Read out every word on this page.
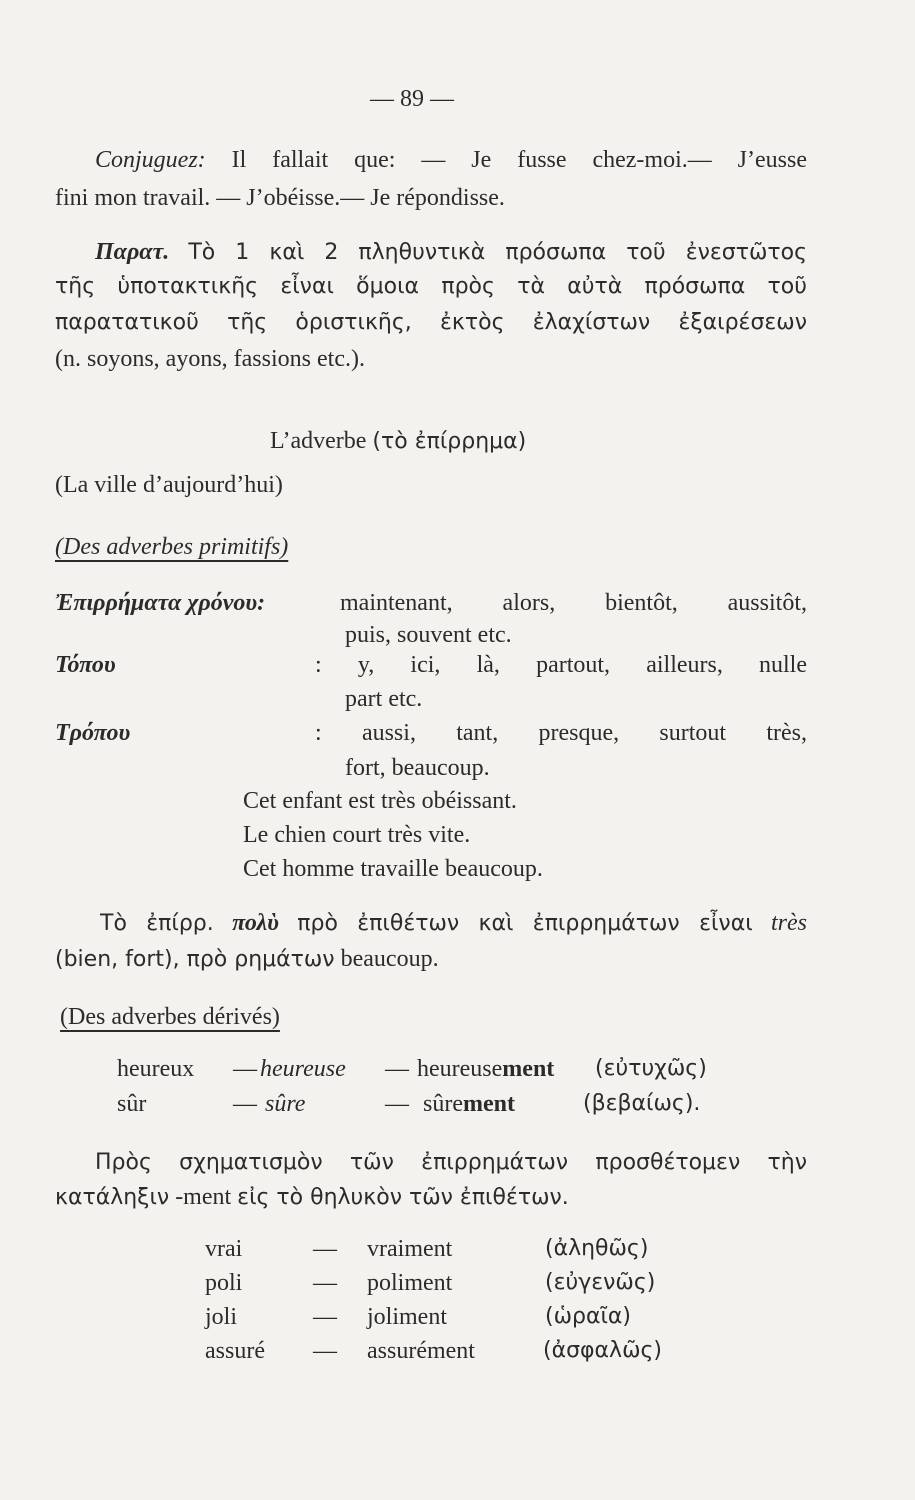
— 89 —
Conjuguez: Il fallait que: — Je fusse chez-moi.— J’eusse
fini mon travail. — J’obéisse.— Je répondisse.
Παρατ. Τὸ 1 καὶ 2 πληθυντικὰ πρόσωπα τοῦ ἐνεστῶτος
τῆς ὑποτακτικῆς εἶναι ὅμοια πρὸς τὰ αὐτὰ πρόσωπα τοῦ
παρατατικοῦ τῆς ὁριστικῆς, ἐκτὸς ἐλαχίστων ἐξαιρέσεων
(n. soyons, ayons, fassions etc.).
L’adverbe (τὸ ἐπίρρημα)
(La ville d’aujourd’hui)
(Des adverbes primitifs)
Ἐπιρρήματα χρόνου:	maintenant, alors, bientôt, aussitôt,
puis, souvent etc.
Τόπου	: y, ici, là, partout, ailleurs, nulle
part etc.
Τρόπου	: aussi, tant, presque, surtout très,
fort, beaucoup.
Cet enfant est très obéissant.
Le chien court très vite.
Cet homme travaille beaucoup.
Τὸ ἐπίρρ. πολὺ πρὸ ἐπιθέτων καὶ ἐπιρρημάτων εἶναι très
(bien, fort), πρὸ ρημάτων beaucoup.
(Des adverbes dérivés)
heureux — heureuse — heureusement (εὐτυχῶς)
sûr	— sûre	— sûrement	(βεβαίως).
Πρὸς σχηματισμὸν τῶν ἐπιρρημάτων προσθέτομεν τὴν
κατάληξιν -ment εἰς τὸ θηλυκὸν τῶν ἐπιθέτων.
vrai	— vraiment	(ἀληθῶς)
poli	— poliment	(εὐγενῶς)
joli	— joliment	(ὡραῖα)
assuré — assurément	(ἀσφαλῶς)
